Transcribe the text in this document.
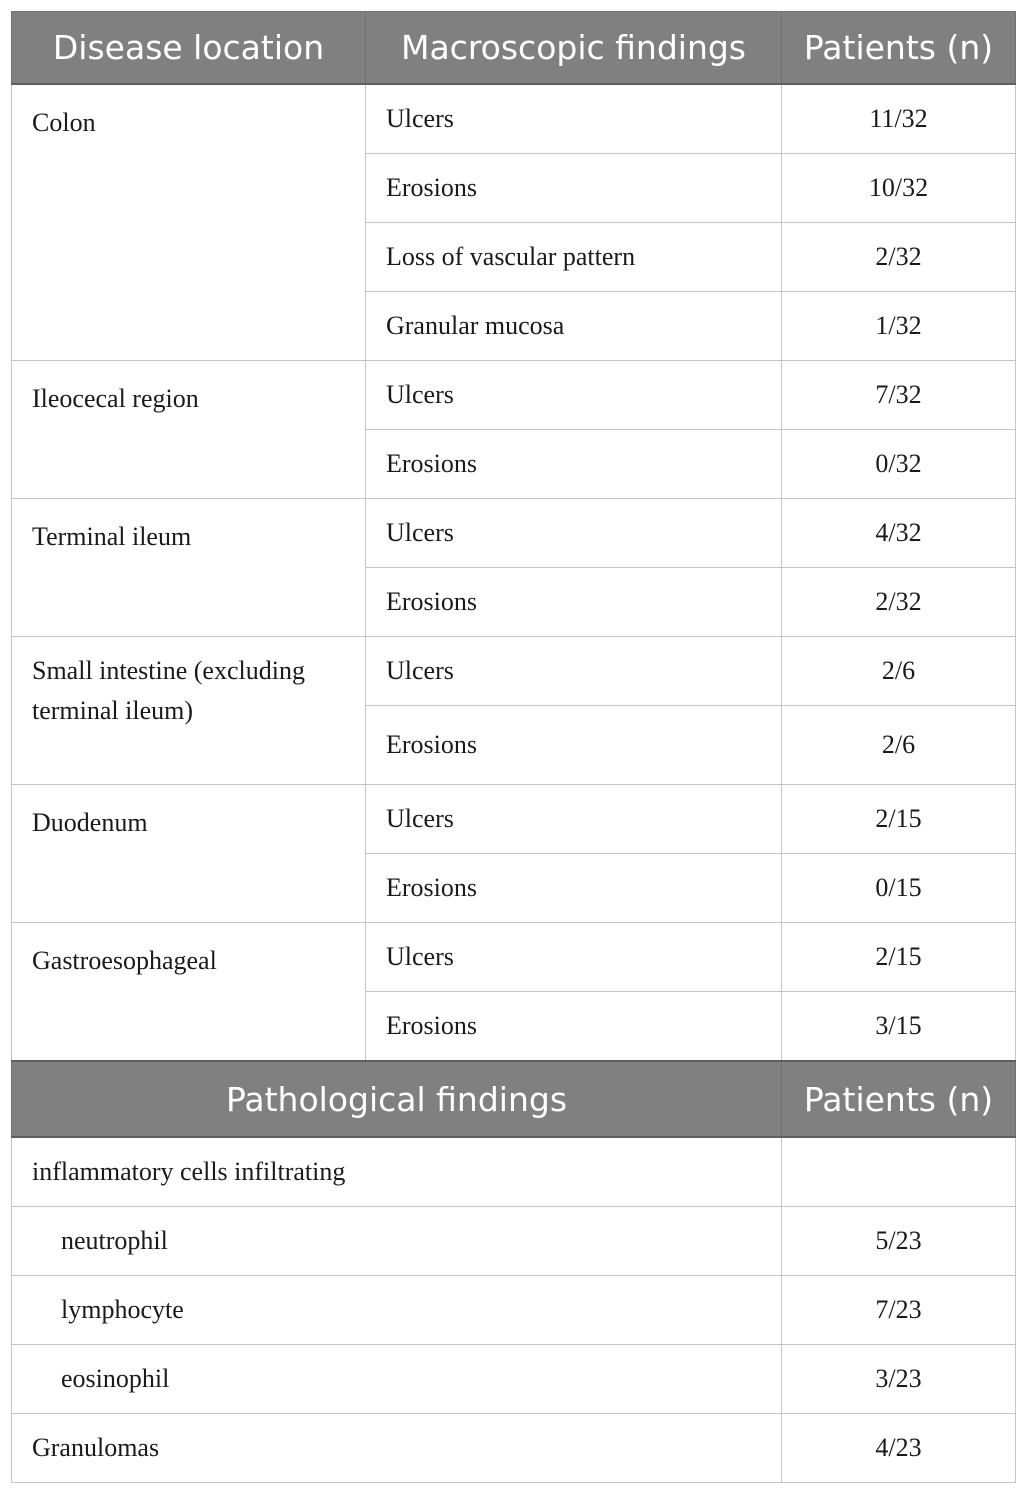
Disease location	Macroscopic findings	Patients (n)
Colon	Ulcers	11/32
	Erosions	10/32
	Loss of vascular pattern	2/32
	Granular mucosa	1/32
Ileocecal region	Ulcers	7/32
	Erosions	0/32
Terminal ileum	Ulcers	4/32
	Erosions	2/32
Small intestine (excluding terminal ileum)	Ulcers	2/6
	Erosions	2/6
Duodenum	Ulcers	2/15
	Erosions	0/15
Gastroesophageal	Ulcers	2/15
	Erosions	3/15
Pathological findings		Patients (n)
inflammatory cells infiltrating		
neutrophil		5/23
lymphocyte		7/23
eosinophil		3/23
Granulomas		4/23
